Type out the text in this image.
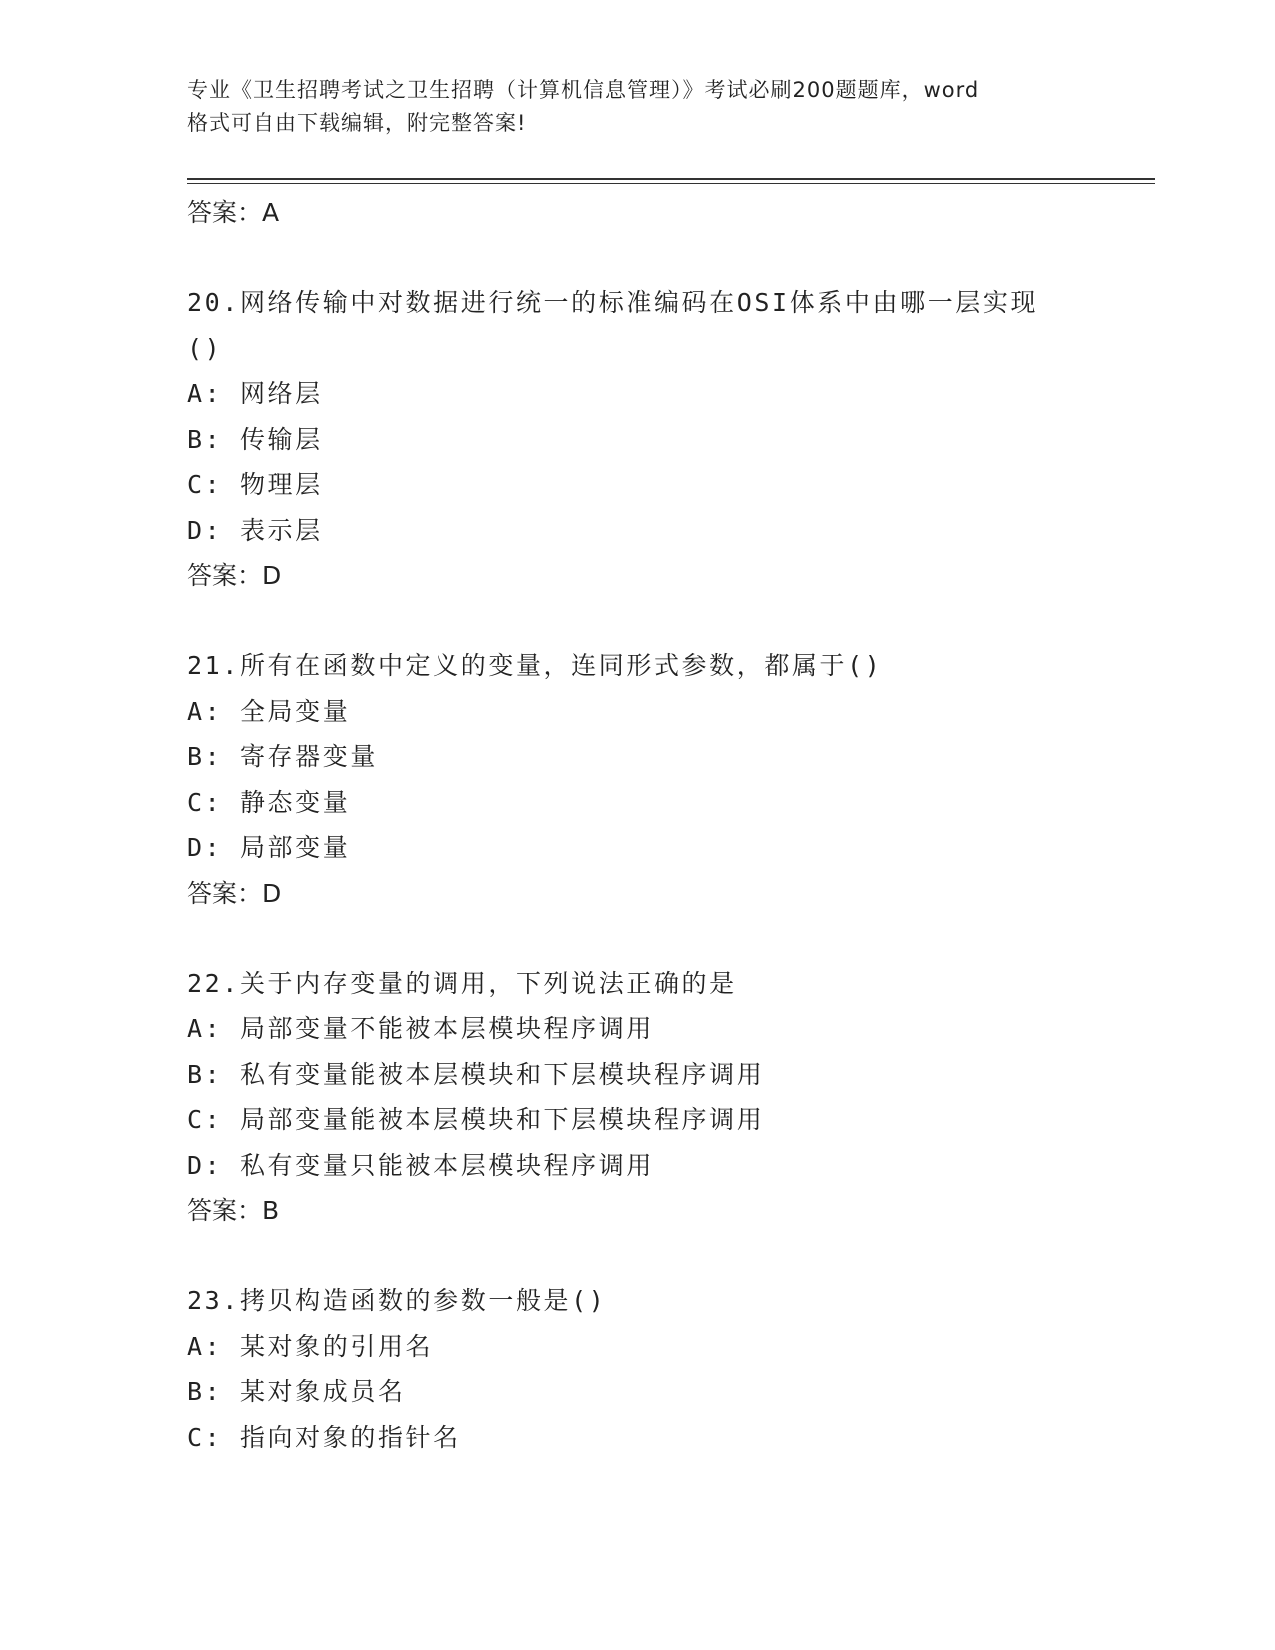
专业《卫生招聘考试之卫生招聘（计算机信息管理）》考试必刷200题题库，word
格式可自由下载编辑，附完整答案!
答案：A
20.网络传输中对数据进行统一的标准编码在OSI体系中由哪一层实现
()
A: 网络层
B: 传输层
C: 物理层
D: 表示层
答案：D
21.所有在函数中定义的变量，连同形式参数，都属于()
A: 全局变量
B: 寄存器变量
C: 静态变量
D: 局部变量
答案：D
22.关于内存变量的调用，下列说法正确的是
A: 局部变量不能被本层模块程序调用
B: 私有变量能被本层模块和下层模块程序调用
C: 局部变量能被本层模块和下层模块程序调用
D: 私有变量只能被本层模块程序调用
答案：B
23.拷贝构造函数的参数一般是()
A: 某对象的引用名
B: 某对象成员名
C: 指向对象的指针名
